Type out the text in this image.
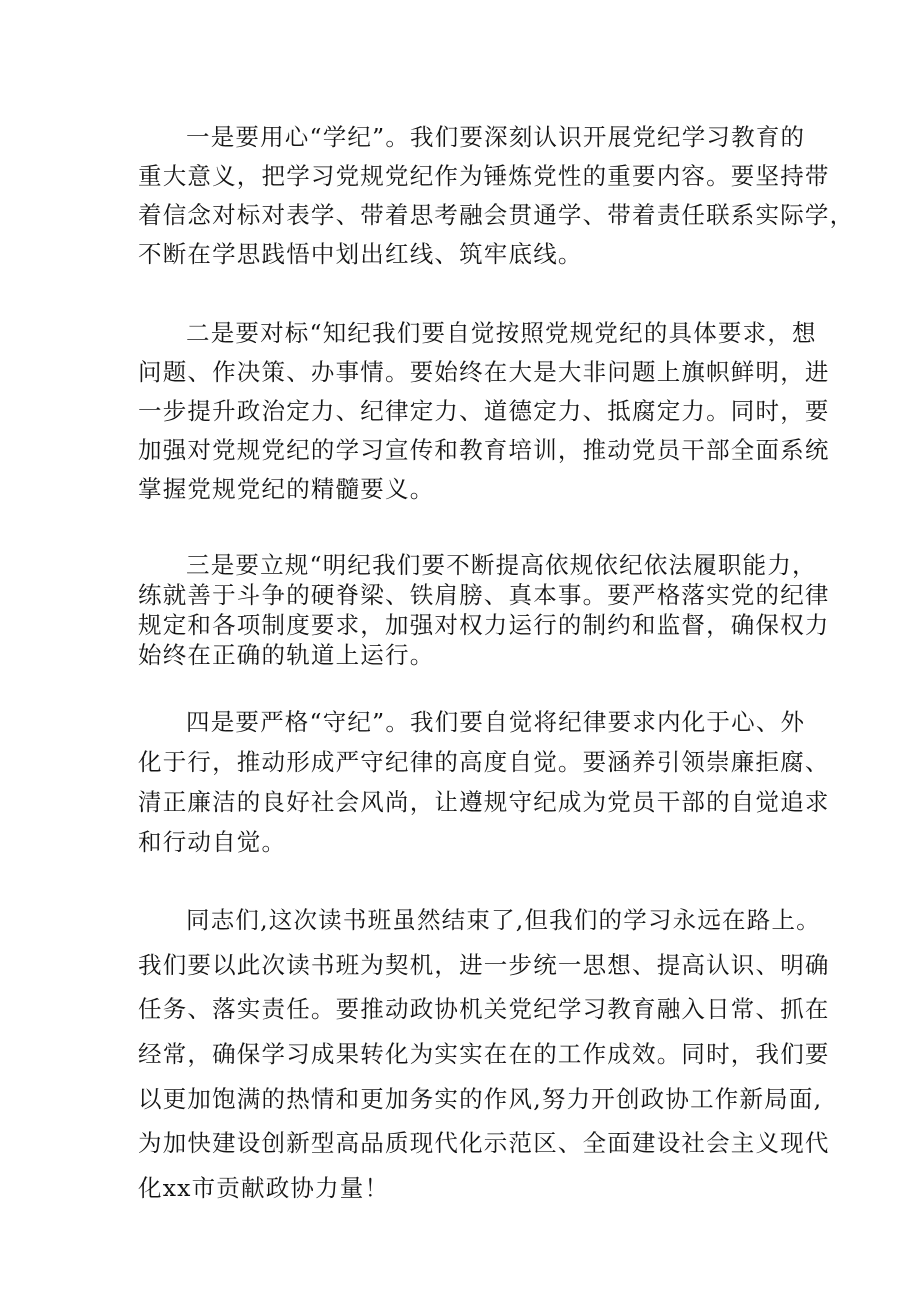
一是要用心“学纪”。我们要深刻认识开展党纪学习教育的
重大意义，把学习党规党纪作为锤炼党性的重要内容。要坚持带
着信念对标对表学、带着思考融会贯通学、带着责任联系实际学，
不断在学思践悟中划出红线、筑牢底线。
二是要对标“知纪我们要自觉按照党规党纪的具体要求，想
问题、作决策、办事情。要始终在大是大非问题上旗帜鲜明，进
一步提升政治定力、纪律定力、道德定力、抵腐定力。同时，要
加强对党规党纪的学习宣传和教育培训，推动党员干部全面系统
掌握党规党纪的精髓要义。
三是要立规“明纪我们要不断提高依规依纪依法履职能力，
练就善于斗争的硬脊梁、铁肩膀、真本事。要严格落实党的纪律
规定和各项制度要求，加强对权力运行的制约和监督，确保权力
始终在正确的轨道上运行。
四是要严格“守纪”。我们要自觉将纪律要求内化于心、外
化于行，推动形成严守纪律的高度自觉。要涵养引领崇廉拒腐、
清正廉洁的良好社会风尚，让遵规守纪成为党员干部的自觉追求
和行动自觉。
同志们,这次读书班虽然结束了,但我们的学习永远在路上。
我们要以此次读书班为契机，进一步统一思想、提高认识、明确
任务、落实责任。要推动政协机关党纪学习教育融入日常、抓在
经常，确保学习成果转化为实实在在的工作成效。同时，我们要
以更加饱满的热情和更加务实的作风,努力开创政协工作新局面,
为加快建设创新型高品质现代化示范区、全面建设社会主义现代
化xx市贡献政协力量！
